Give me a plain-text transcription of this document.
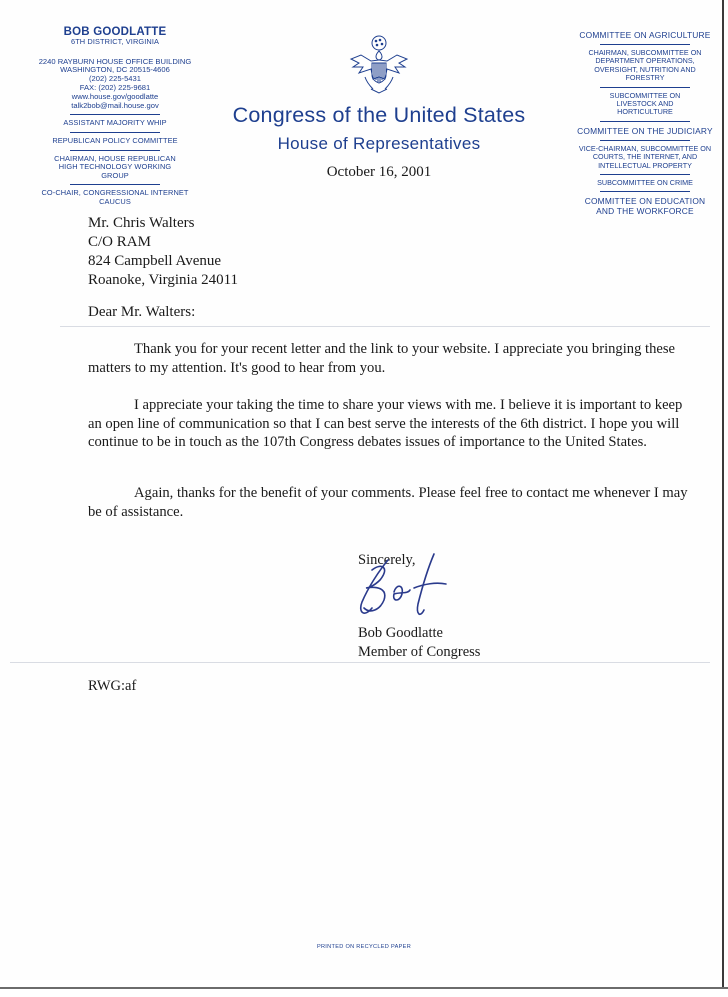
BOB GOODLATTE
6TH DISTRICT, VIRGINIA
2240 RAYBURN HOUSE OFFICE BUILDING
WASHINGTON, DC 20515-4606
(202) 225-5431
FAX: (202) 225-9681
www.house.gov/goodlatte
talk2bob@mail.house.gov
ASSISTANT MAJORITY WHIP
REPUBLICAN POLICY COMMITTEE
CHAIRMAN, HOUSE REPUBLICAN HIGH TECHNOLOGY WORKING GROUP
CO-CHAIR, CONGRESSIONAL INTERNET CAUCUS
COMMITTEE ON AGRICULTURE
CHAIRMAN, SUBCOMMITTEE ON DEPARTMENT OPERATIONS, OVERSIGHT, NUTRITION AND FORESTRY
SUBCOMMITTEE ON LIVESTOCK AND HORTICULTURE
COMMITTEE ON THE JUDICIARY
VICE-CHAIRMAN, SUBCOMMITTEE ON COURTS, THE INTERNET, AND INTELLECTUAL PROPERTY
SUBCOMMITTEE ON CRIME
COMMITTEE ON EDUCATION AND THE WORKFORCE
Congress of the United States
House of Representatives
October 16, 2001
Mr. Chris Walters
C/O RAM
824 Campbell Avenue
Roanoke, Virginia 24011
Dear Mr. Walters:
Thank you for your recent letter and the link to your website. I appreciate you bringing these matters to my attention. It's good to hear from you.
I appreciate your taking the time to share your views with me. I believe it is important to keep an open line of communication so that I can best serve the interests of the 6th district. I hope you will continue to be in touch as the 107th Congress debates issues of importance to the United States.
Again, thanks for the benefit of your comments. Please feel free to contact me whenever I may be of assistance.
Sincerely,
Bob Goodlatte
Member of Congress
RWG:af
PRINTED ON RECYCLED PAPER
